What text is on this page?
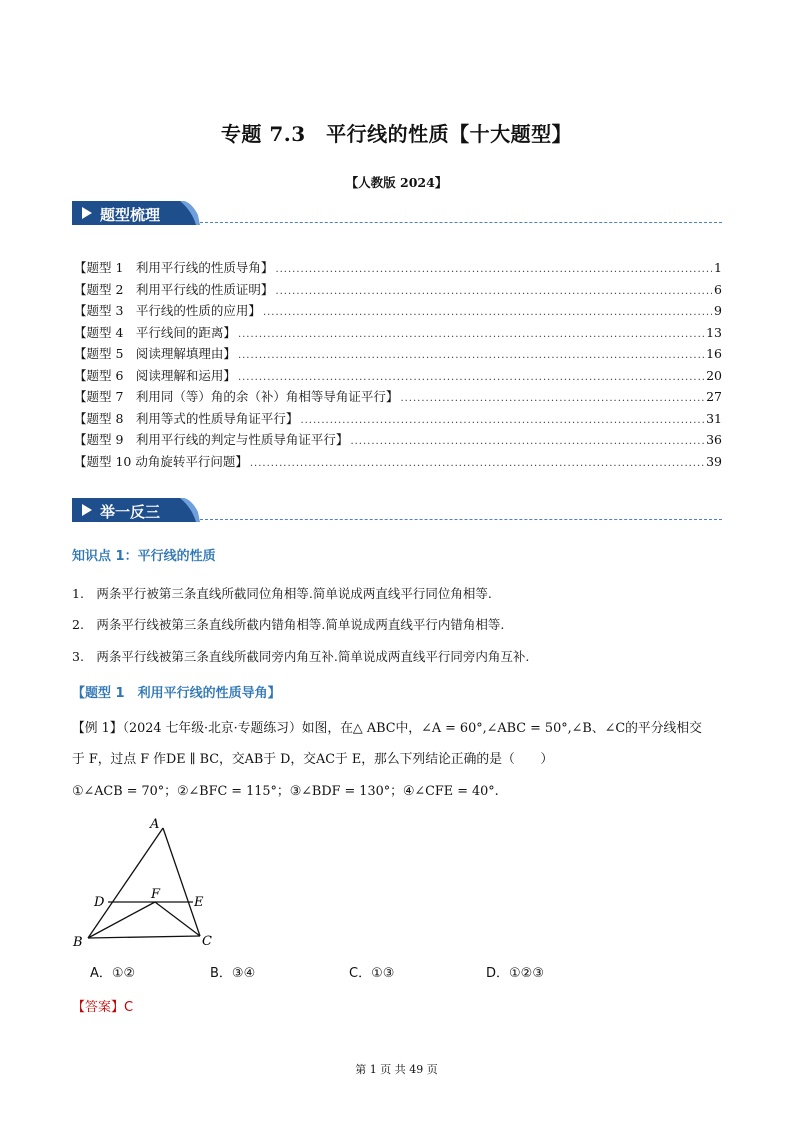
专题 7.3　平行线的性质【十大题型】
【人教版 2024】
题型梳理
【题型 1　利用平行线的性质导角】 .....	1
【题型 2　利用平行线的性质证明】 .....	6
【题型 3　平行线的性质的应用】 .....	9
【题型 4　平行线间的距离】 .....	13
【题型 5　阅读理解填理由】 .....	16
【题型 6　阅读理解和运用】 .....	20
【题型 7　利用同（等）角的余（补）角相等导角证平行】 .....	27
【题型 8　利用等式的性质导角证平行】 .....	31
【题型 9　利用平行线的判定与性质导角证平行】 .....	36
【题型 10 动角旋转平行问题】 .....	39
举一反三
知识点 1：平行线的性质
1.　两条平行被第三条直线所截同位角相等.简单说成两直线平行同位角相等.
2.　两条平行线被第三条直线所截内错角相等.简单说成两直线平行内错角相等.
3.　两条平行线被第三条直线所截同旁内角互补.简单说成两直线平行同旁内角互补.
【题型 1　利用平行线的性质导角】
【例 1】（2024 七年级·北京·专题练习）如图，在△ ABC中，∠A = 60°,∠ABC = 50°,∠B、∠C的平分线相交
于 F，过点 F 作DE ∥ BC，交AB于 D，交AC于 E，那么下列结论正确的是（　　）
①∠ACB = 70°；②∠BFC = 115°；③∠BDF = 130°；④∠CFE = 40°.
A
B	C
D	E
F
A．①②	B．③④	C．①③	D．①②③
【答案】C
第 1 页 共 49 页
